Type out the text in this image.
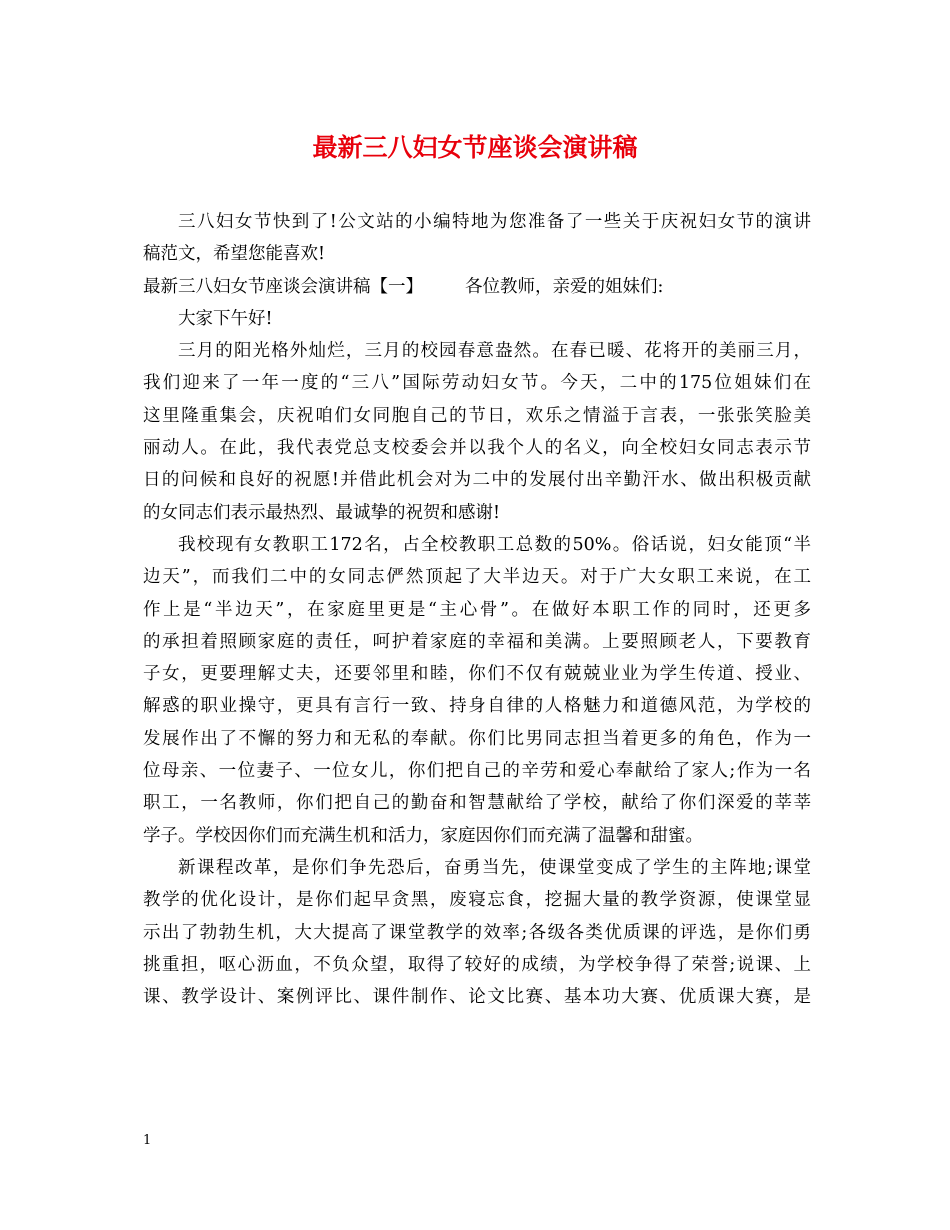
最新三八妇女节座谈会演讲稿
三八妇女节快到了!公文站的小编特地为您准备了一些关于庆祝妇女节的演讲
稿范文，希望您能喜欢!
最新三八妇女节座谈会演讲稿【一】 各位教师，亲爱的姐妹们:
大家下午好!
三月的阳光格外灿烂，三月的校园春意盎然。在春已暖、花将开的美丽三月，
我们迎来了一年一度的“三八”国际劳动妇女节。今天，二中的175位姐妹们在
这里隆重集会，庆祝咱们女同胞自己的节日，欢乐之情溢于言表，一张张笑脸美
丽动人。在此，我代表党总支校委会并以我个人的名义，向全校妇女同志表示节
日的问候和良好的祝愿!并借此机会对为二中的发展付出辛勤汗水、做出积极贡献
的女同志们表示最热烈、最诚挚的祝贺和感谢!
我校现有女教职工172名，占全校教职工总数的50%。俗话说，妇女能顶“半
边天”，而我们二中的女同志俨然顶起了大半边天。对于广大女职工来说，在工
作上是“半边天”，在家庭里更是“主心骨”。在做好本职工作的同时，还更多
的承担着照顾家庭的责任，呵护着家庭的幸福和美满。上要照顾老人，下要教育
子女，更要理解丈夫，还要邻里和睦，你们不仅有兢兢业业为学生传道、授业、
解惑的职业操守，更具有言行一致、持身自律的人格魅力和道德风范，为学校的
发展作出了不懈的努力和无私的奉献。你们比男同志担当着更多的角色，作为一
位母亲、一位妻子、一位女儿，你们把自己的辛劳和爱心奉献给了家人;作为一名
职工，一名教师，你们把自己的勤奋和智慧献给了学校，献给了你们深爱的莘莘
学子。学校因你们而充满生机和活力，家庭因你们而充满了温馨和甜蜜。
新课程改革，是你们争先恐后，奋勇当先，使课堂变成了学生的主阵地;课堂
教学的优化设计，是你们起早贪黑，废寝忘食，挖掘大量的教学资源，使课堂显
示出了勃勃生机，大大提高了课堂教学的效率;各级各类优质课的评选，是你们勇
挑重担，呕心沥血，不负众望，取得了较好的成绩，为学校争得了荣誉;说课、上
课、教学设计、案例评比、课件制作、论文比赛、基本功大赛、优质课大赛，是
1
